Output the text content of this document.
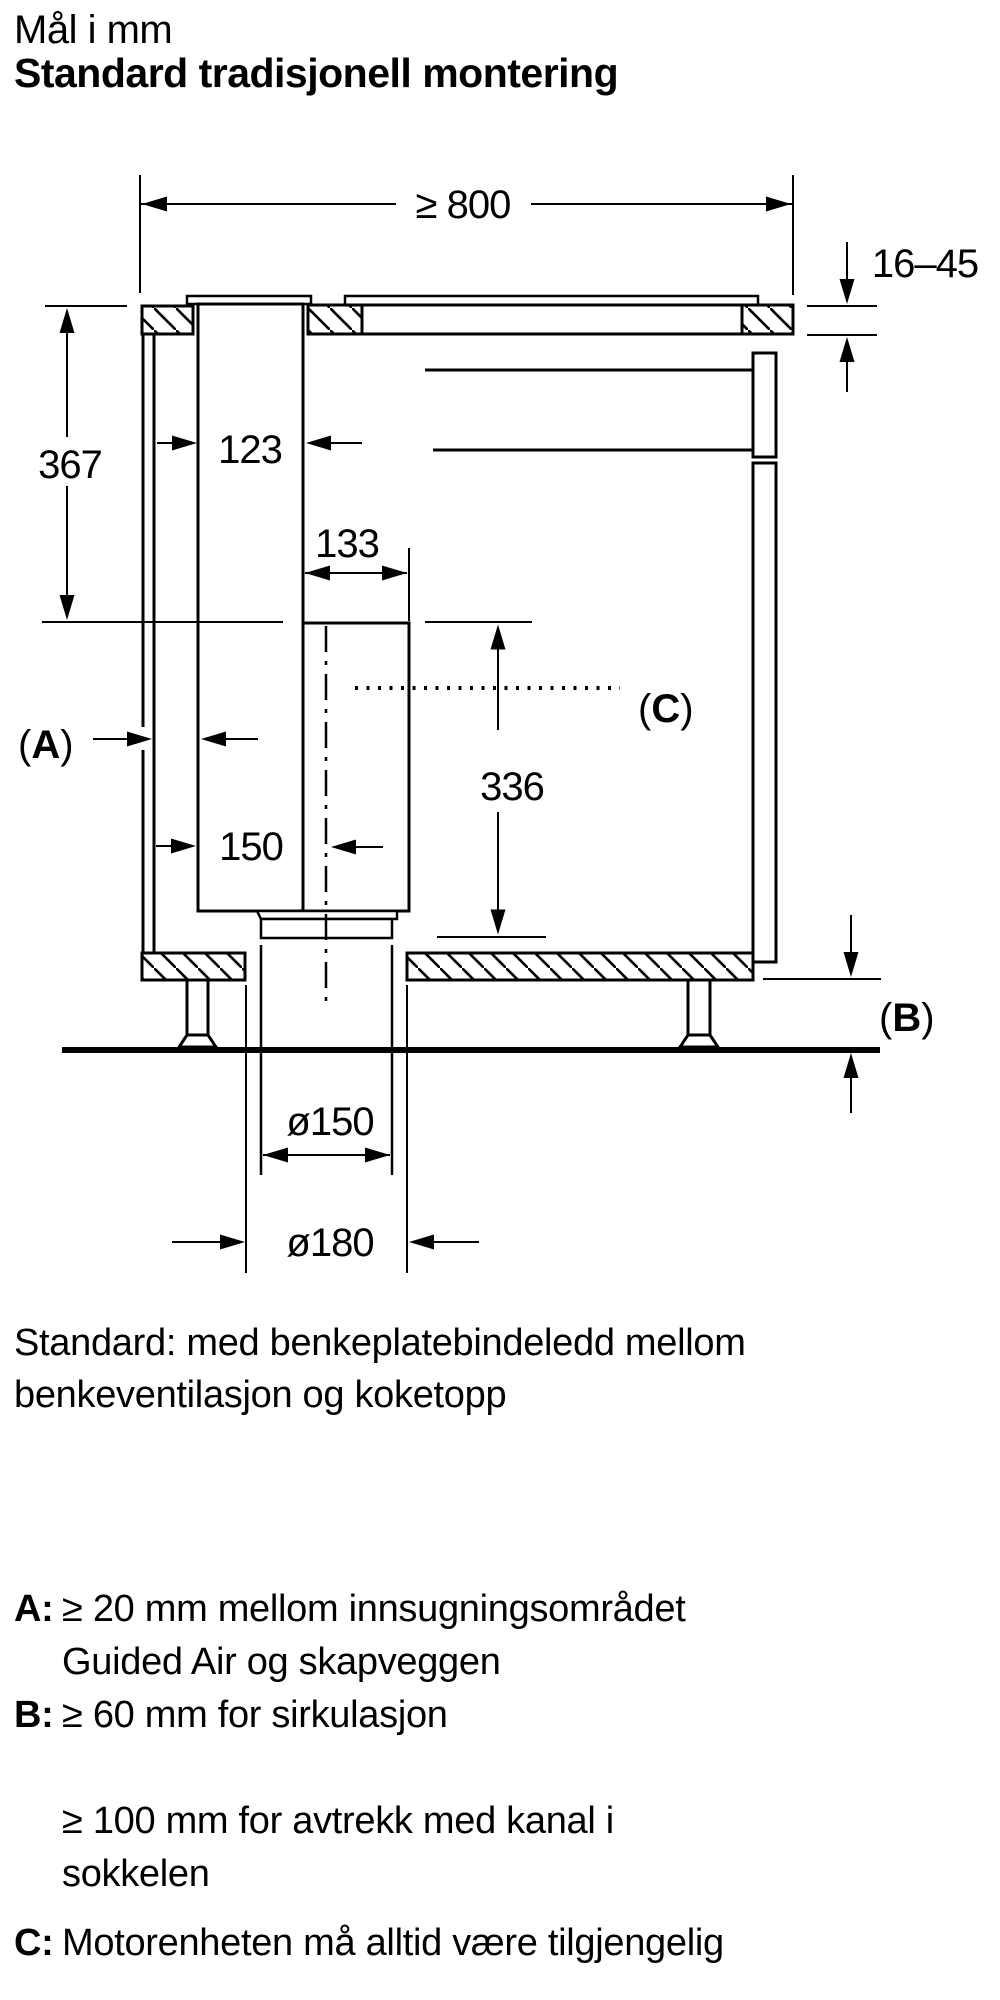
Mål i mm
Standard tradisjonell montering
≥ 800
16–45
367	123
133
(C)
336
(A)
150
(B)
ø150
ø180
Standard: med benkeplatebindeledd mellom
benkeventilasjon og koketopp
A: ≥ 20 mm mellom innsugningsområdet
Guided Air og skapveggen
B: ≥ 60 mm for sirkulasjon
≥ 100 mm for avtrekk med kanal i
sokkelen
C: Motorenheten må alltid være tilgjengelig
